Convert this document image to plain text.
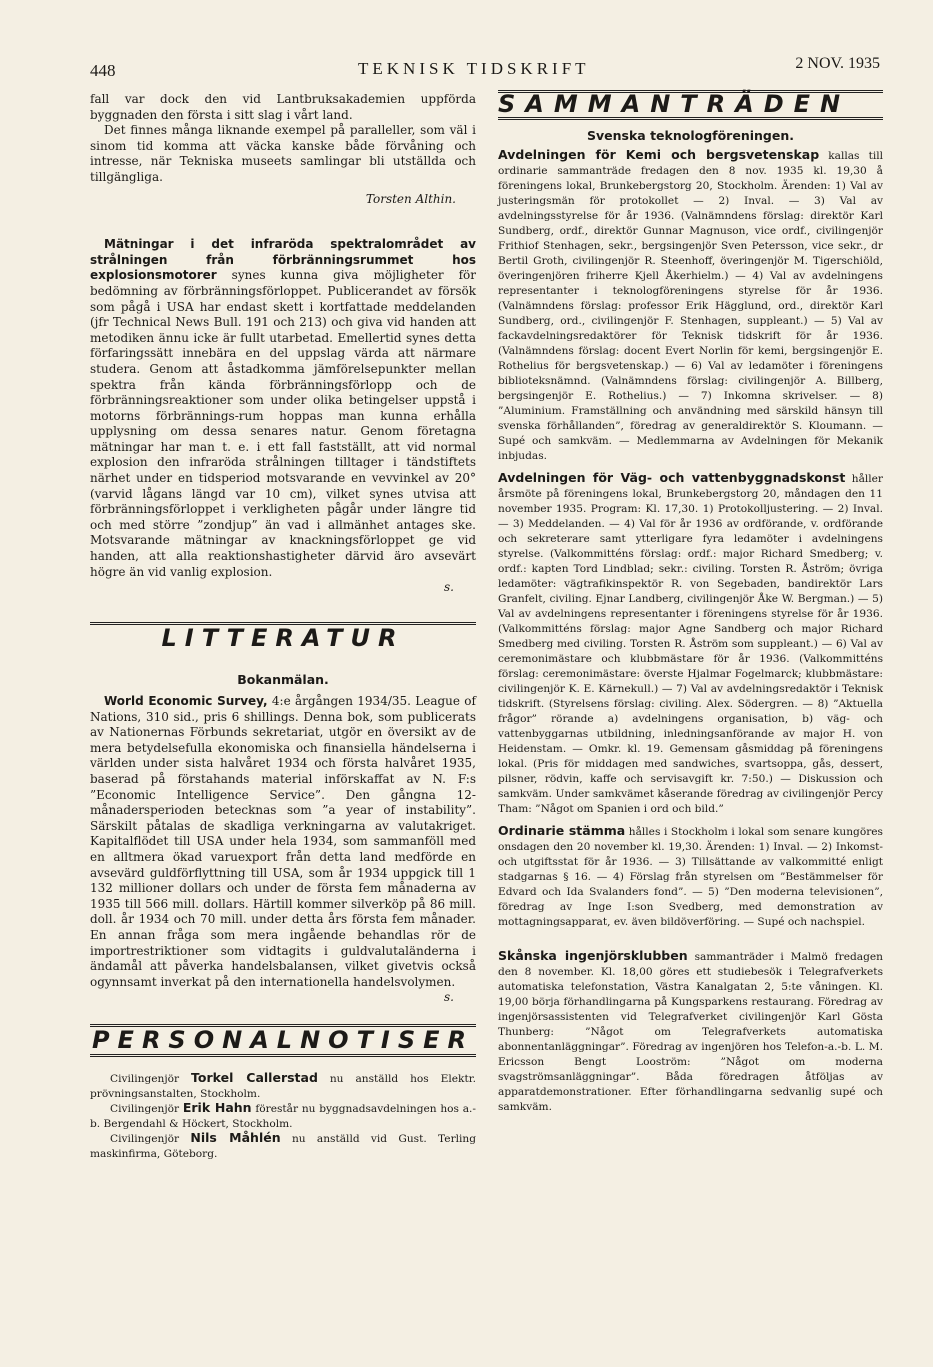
448	TEKNISK TIDSKRIFT	2 NOV. 1935

fall var dock den vid Lantbruksakademien uppförda byggnaden den första i sitt slag i vårt land.

Det finnes många liknande exempel på paralleller, som väl i sinom tid komma att väcka kanske både förvåning och intresse, när Tekniska museets samlingar bli utställda och tillgängliga.

Torsten Althin.

Mätningar i det infraröda spektralområdet av strålningen från förbränningsrummet hos explosionsmotorer synes kunna giva möjligheter för bedömning av förbränningsförloppet. Publicerandet av försök som pågå i USA har endast skett i kortfattade meddelanden (jfr Technical News Bull. 191 och 213) och giva vid handen att metodiken ännu icke är fullt utarbetad. Emellertid synes detta förfaringssätt innebära en del uppslag värda att närmare studera. Genom att åstadkomma jämförelsepunkter mellan spektra från kända förbränningsförlopp och de förbränningsreaktioner som under olika betingelser uppstå i motorns förbrännings-rum hoppas man kunna erhålla upplysning om dessa senares natur. Genom företagna mätningar har man t. e. i ett fall fastställt, att vid normal explosion den infraröda strålningen tilltager i tändstiftets närhet under en tidsperiod motsvarande en vevvinkel av 20° (varvid lågans längd var 10 cm), vilket synes utvisa att förbränningsförloppet i verkligheten pågår under längre tid och med större ”zondjup” än vad i allmänhet antages ske. Motsvarande mätningar av knackningsförloppet ge vid handen, att alla reaktionshastigheter därvid äro avsevärt högre än vid vanlig explosion.

s.

LITTERATUR
Bokanmälan.

World Economic Survey, 4:e årgången 1934/35. League of Nations, 310 sid., pris 6 shillings. Denna bok, som publicerats av Nationernas Förbunds sekretariat, utgör en översikt av de mera betydelsefulla ekonomiska och finansiella händelserna i världen under sista halvåret 1934 och första halvåret 1935, baserad på förstahands material införskaffat av N. F:s ”Economic Intelligence Service”. Den gångna 12-månadersperioden betecknas som ”a year of instability”. Särskilt påtalas de skadliga verkningarna av valutakriget. Kapitalflödet till USA under hela 1934, som sammanföll med en alltmera ökad varuexport från detta land medförde en avsevärd guldförflyttning till USA, som år 1934 uppgick till 1 132 millioner dollars och under de första fem månaderna av 1935 till 566 mill. dollars. Härtill kommer silverköp på 86 mill. doll. år 1934 och 70 mill. under detta års första fem månader. En annan fråga som mera ingående behandlas rör de importrestriktioner som vidtagits i guldvalutaländerna i ändamål att påverka handelsbalansen, vilket givetvis också ogynnsamt inverkat på den internationella handelsvolymen.

s.

PERSONALNOTISER

Civilingenjör Torkel Callerstad nu anställd hos Elektr. prövningsanstalten, Stockholm.

Civilingenjör Erik Hahn förestår nu byggnadsavdelningen hos a.-b. Bergendahl & Höckert, Stockholm.

Civilingenjör Nils Måhlén nu anställd vid Gust. Terling maskinfirma, Göteborg.

SAMMANTRÄDEN
Svenska teknologföreningen.

Avdelningen för Kemi och bergsvetenskap kallas till ordinarie sammanträde fredagen den 8 nov. 1935 kl. 19,30 å föreningens lokal, Brunkebergstorg 20, Stockholm. Ärenden: 1) Val av justeringsmän för protokollet — 2) Inval. — 3) Val av avdelningsstyrelse för år 1936. (Valnämndens förslag: direktör Karl Sundberg, ordf., direktör Gunnar Magnuson, vice ordf., civilingenjör Frithiof Stenhagen, sekr., bergsingenjör Sven Petersson, vice sekr., dr Bertil Groth, civilingenjör R. Steenhoff, överingenjör M. Tigerschiöld, överingenjören friherre Kjell Åkerhielm.) — 4) Val av avdelningens representanter i teknologföreningens styrelse för år 1936. (Valnämndens förslag: professor Erik Hägglund, ord., direktör Karl Sundberg, ord., civilingenjör F. Stenhagen, suppleant.) — 5) Val av fackavdelningsredaktörer för Teknisk tidskrift för år 1936. (Valnämndens förslag: docent Evert Norlin för kemi, bergsingenjör E. Rothelius för bergsvetenskap.) — 6) Val av ledamöter i föreningens biblioteksnämnd. (Valnämndens förslag: civilingenjör A. Billberg, bergsingenjör E. Rothelius.) — 7) Inkomna skrivelser. — 8) ”Aluminium. Framställning och användning med särskild hänsyn till svenska förhållanden”, föredrag av generaldirektör S. Kloumann. — Supé och samkväm. — Medlemmarna av Avdelningen för Mekanik inbjudas.

Avdelningen för Väg- och vattenbyggnadskonst håller årsmöte på föreningens lokal, Brunkebergstorg 20, måndagen den 11 november 1935. Program: Kl. 17,30. 1) Protokolljustering. — 2) Inval. — 3) Meddelanden. — 4) Val för år 1936 av ordförande, v. ordförande och sekreterare samt ytterligare fyra ledamöter i avdelningens styrelse. (Valkommitténs förslag: ordf.: major Richard Smedberg; v. ordf.: kapten Tord Lindblad; sekr.: civiling. Torsten R. Åström; övriga ledamöter: vägtrafikinspektör R. von Segebaden, bandirektör Lars Granfelt, civiling. Ejnar Landberg, civilingenjör Åke W. Bergman.) — 5) Val av avdelningens representanter i föreningens styrelse för år 1936. (Valkommitténs förslag: major Agne Sandberg och major Richard Smedberg med civiling. Torsten R. Åström som suppleant.) — 6) Val av ceremonimästare och klubbmästare för år 1936. (Valkommitténs förslag: ceremonimästare: överste Hjalmar Fogelmarck; klubbmästare: civilingenjör K. E. Kärnekull.) — 7) Val av avdelningsredaktör i Teknisk tidskrift. (Styrelsens förslag: civiling. Alex. Södergren. — 8) ”Aktuella frågor” rörande a) avdelningens organisation, b) väg- och vattenbyggarnas utbildning, inledningsanförande av major H. von Heidenstam. — Omkr. kl. 19. Gemensam gåsmiddag på föreningens lokal. (Pris för middagen med sandwiches, svartsoppa, gås, dessert, pilsner, rödvin, kaffe och servisavgift kr. 7:50.) — Diskussion och samkväm. Under samkvämet kåserande föredrag av civilingenjör Percy Tham: ”Något om Spanien i ord och bild.”

Ordinarie stämma hålles i Stockholm i lokal som senare kungöres onsdagen den 20 november kl. 19,30. Ärenden: 1) Inval. — 2) Inkomst- och utgiftsstat för år 1936. — 3) Tillsättande av valkommitté enligt stadgarnas § 16. — 4) Förslag från styrelsen om ”Bestämmelser för Edvard och Ida Svalanders fond”. — 5) ”Den moderna televisionen”, föredrag av Inge I:son Svedberg, med demonstration av mottagningsapparat, ev. även bildöverföring. — Supé och nachspiel.

Skånska ingenjörsklubben sammanträder i Malmö fredagen den 8 november. Kl. 18,00 göres ett studiebesök i Telegrafverkets automatiska telefonstation, Västra Kanalgatan 2, 5:te våningen. Kl. 19,00 börja förhandlingarna på Kungsparkens restaurang. Föredrag av ingenjörsassistenten vid Telegrafverket civilingenjör Karl Gösta Thunberg: ”Något om Telegrafverkets automatiska abonnentanläggningar”. Föredrag av ingenjören hos Telefon-a.-b. L. M. Ericsson Bengt Looström: ”Något om moderna svagströmsanläggningar”. Båda föredragen åtföljas av apparatdemonstrationer. Efter förhandlingarna sedvanlig supé och samkväm.
